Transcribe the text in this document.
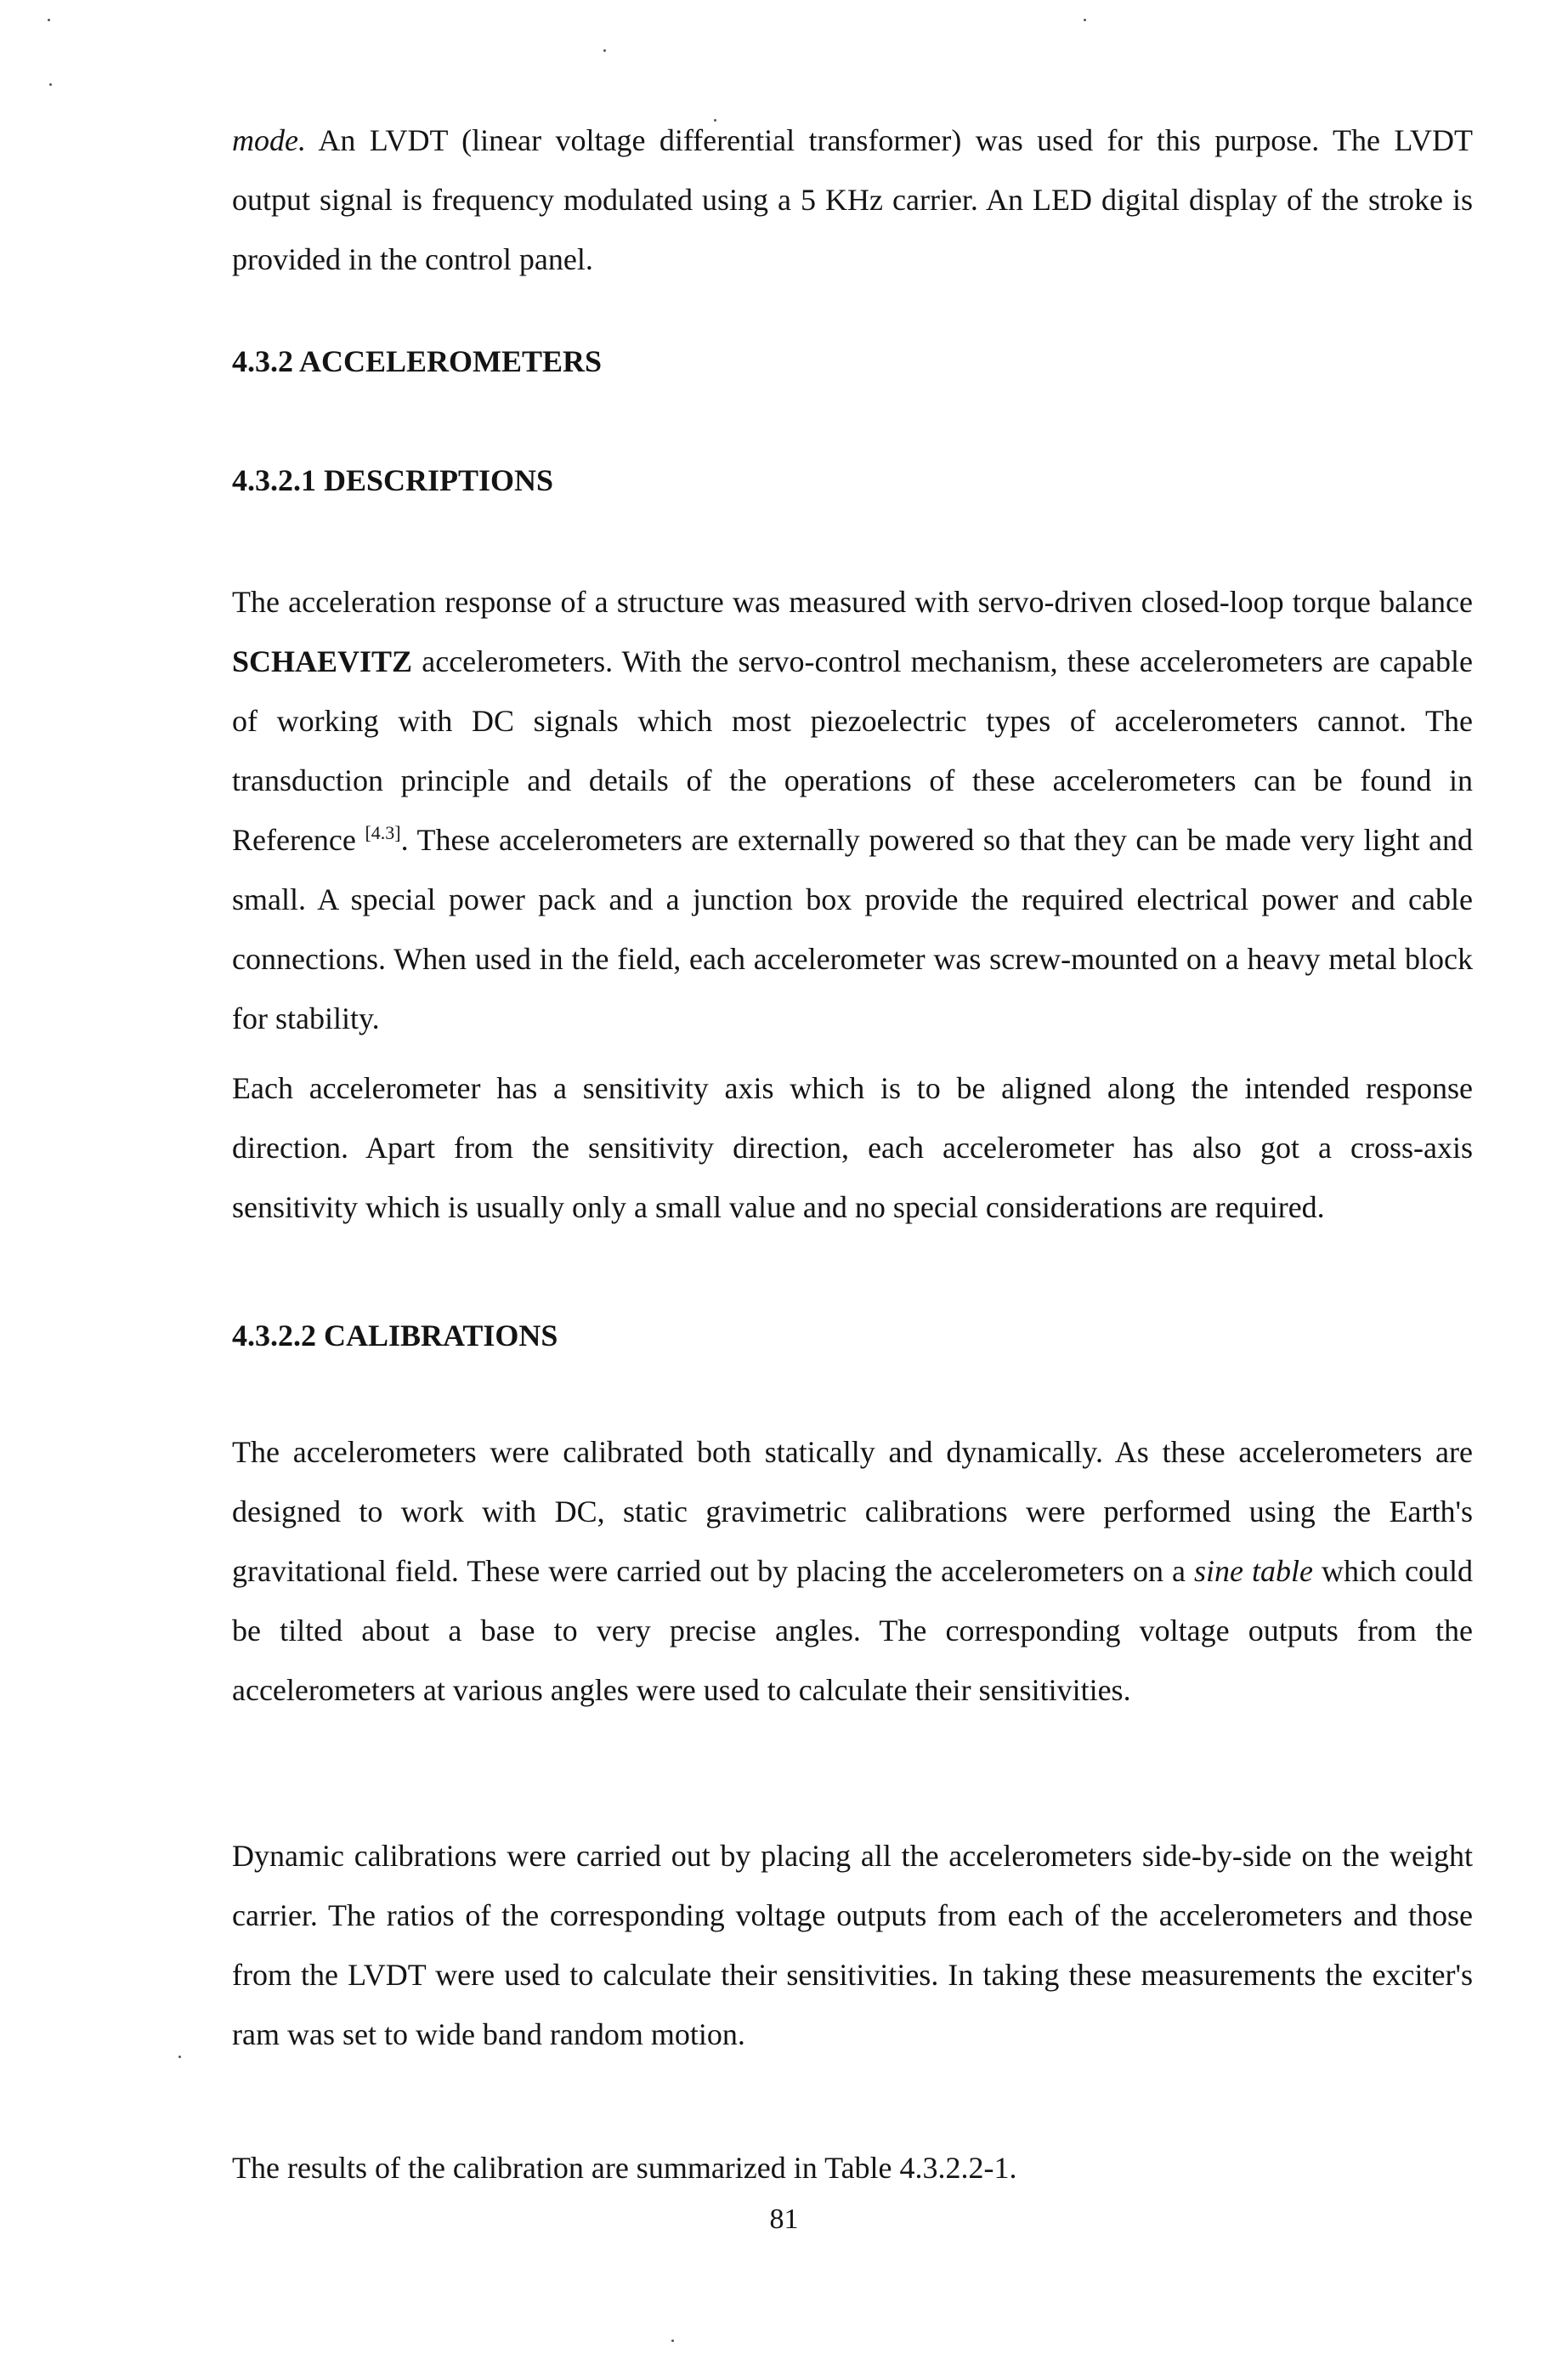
mode. An LVDT (linear voltage differential transformer) was used for this purpose. The LVDT output signal is frequency modulated using a 5 KHz carrier. An LED digital display of the stroke is provided in the control panel.

4.3.2 ACCELEROMETERS
4.3.2.1 DESCRIPTIONS

The acceleration response of a structure was measured with servo-driven closed-loop torque balance SCHAEVITZ accelerometers. With the servo-control mechanism, these accelerometers are capable of working with DC signals which most piezoelectric types of accelerometers cannot. The transduction principle and details of the operations of these accelerometers can be found in Reference [4.3]. These accelerometers are externally powered so that they can be made very light and small. A special power pack and a junction box provide the required electrical power and cable connections. When used in the field, each accelerometer was screw-mounted on a heavy metal block for stability.

Each accelerometer has a sensitivity axis which is to be aligned along the intended response direction. Apart from the sensitivity direction, each accelerometer has also got a cross-axis sensitivity which is usually only a small value and no special considerations are required.

4.3.2.2 CALIBRATIONS

The accelerometers were calibrated both statically and dynamically. As these accelerometers are designed to work with DC, static gravimetric calibrations were performed using the Earth's gravitational field. These were carried out by placing the accelerometers on a sine table which could be tilted about a base to very precise angles. The corresponding voltage outputs from the accelerometers at various angles were used to calculate their sensitivities.

Dynamic calibrations were carried out by placing all the accelerometers side-by-side on the weight carrier. The ratios of the corresponding voltage outputs from each of the accelerometers and those from the LVDT were used to calculate their sensitivities. In taking these measurements the exciter's ram was set to wide band random motion.

The results of the calibration are summarized in Table 4.3.2.2-1.

81
